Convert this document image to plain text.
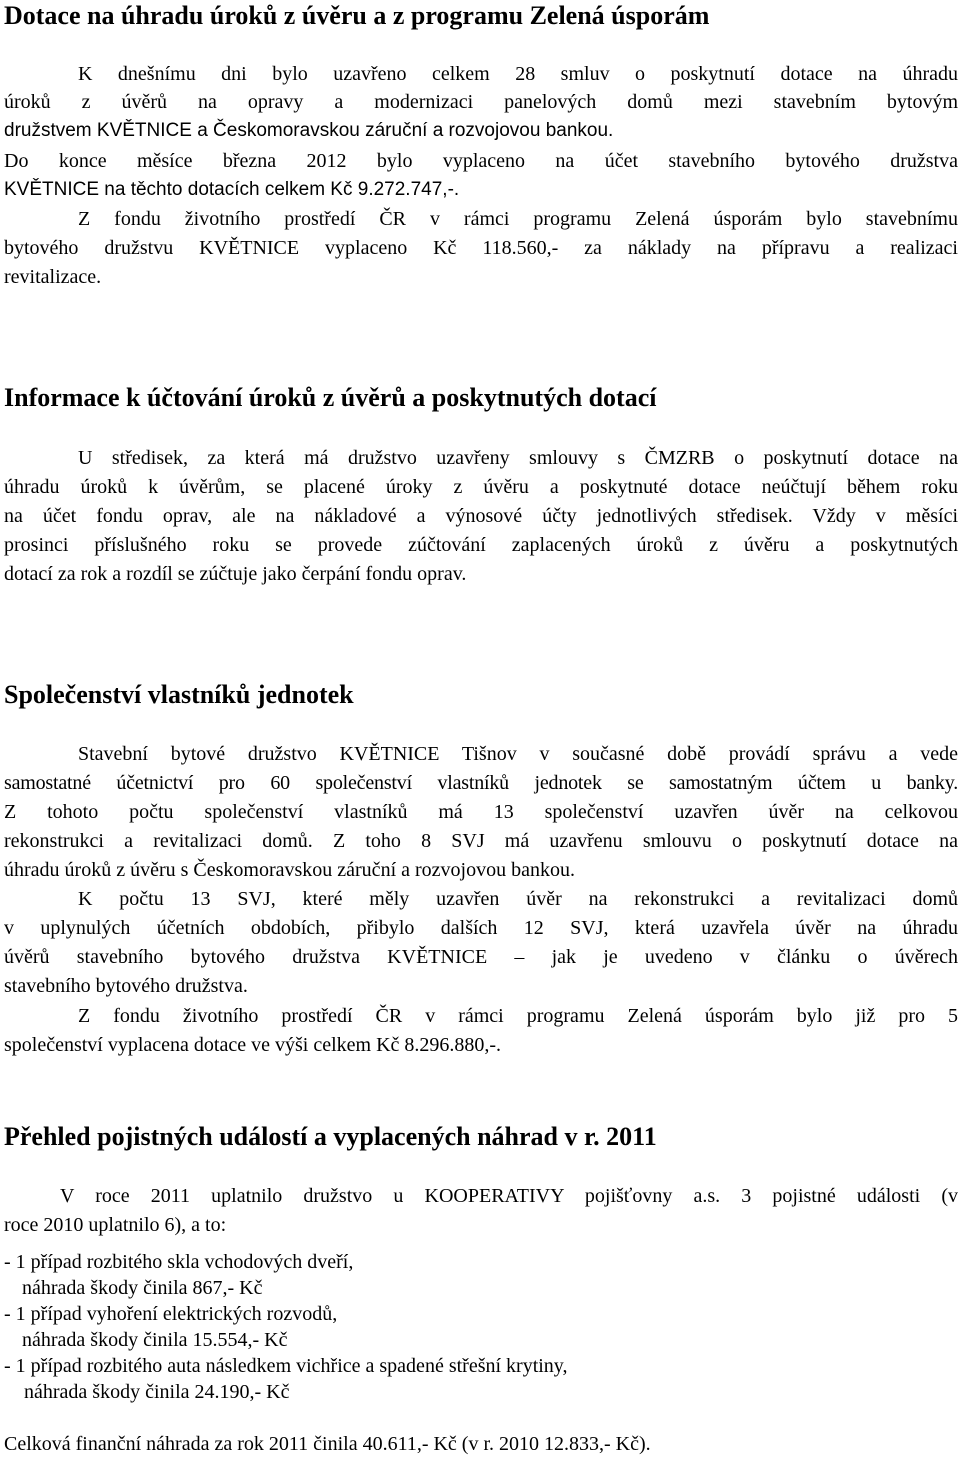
Dotace na úhradu úroků z úvěru a z programu Zelená úsporám
K dnešnímu dni bylo uzavřeno celkem 28 smluv o poskytnutí dotace na úhradu
úroků z úvěrů na opravy a modernizaci panelových domů mezi stavebním bytovým
družstvem KVĚTNICE a Českomoravskou záruční a rozvojovou bankou.
Do konce měsíce března 2012 bylo vyplaceno na účet stavebního bytového družstva
KVĚTNICE na těchto dotacích celkem Kč 9.272.747,-.
Z fondu životního prostředí ČR v rámci programu Zelená úsporám bylo stavebnímu
bytového družstvu KVĚTNICE vyplaceno Kč 118.560,- za náklady na přípravu a realizaci
revitalizace.
Informace k účtování úroků z úvěrů a poskytnutých dotací
U středisek, za která má družstvo uzavřeny smlouvy s ČMZRB o poskytnutí dotace na
úhradu úroků k úvěrům, se placené úroky z úvěru a poskytnuté dotace neúčtují během roku
na účet fondu oprav, ale na nákladové a výnosové účty jednotlivých středisek. Vždy v měsíci
prosinci příslušného roku se provede zúčtování zaplacených úroků z úvěru a poskytnutých
dotací za rok a rozdíl se zúčtuje jako čerpání fondu oprav.
Společenství vlastníků jednotek
Stavební bytové družstvo KVĚTNICE Tišnov v současné době provádí správu a vede
samostatné účetnictví pro 60 společenství vlastníků jednotek se samostatným účtem u banky.
Z tohoto počtu společenství vlastníků má 13 společenství uzavřen úvěr na celkovou
rekonstrukci a revitalizaci domů. Z toho 8 SVJ má uzavřenu smlouvu o poskytnutí dotace na
úhradu úroků z úvěru s Českomoravskou záruční a rozvojovou bankou.
K počtu 13 SVJ, které měly uzavřen úvěr na rekonstrukci a revitalizaci domů
v uplynulých účetních obdobích, přibylo dalších 12 SVJ, která uzavřela úvěr na úhradu
úvěrů stavebního bytového družstva KVĚTNICE – jak je uvedeno v článku o úvěrech
stavebního bytového družstva.
Z fondu životního prostředí ČR v rámci programu Zelená úsporám bylo již pro 5
společenství vyplacena dotace ve výši celkem Kč 8.296.880,-.
Přehled pojistných událostí a vyplacených náhrad v r. 2011
V roce 2011 uplatnilo družstvo u KOOPERATIVY pojišťovny a.s. 3 pojistné události (v
roce 2010 uplatnilo 6), a to:
- 1 případ rozbitého skla vchodových dveří,
náhrada škody činila 867,- Kč
- 1 případ vyhoření elektrických rozvodů,
náhrada škody činila 15.554,- Kč
- 1 případ rozbitého auta následkem vichřice a spadené střešní krytiny,
náhrada škody činila 24.190,- Kč
Celková finanční náhrada za rok 2011 činila 40.611,- Kč (v r. 2010 12.833,- Kč).
